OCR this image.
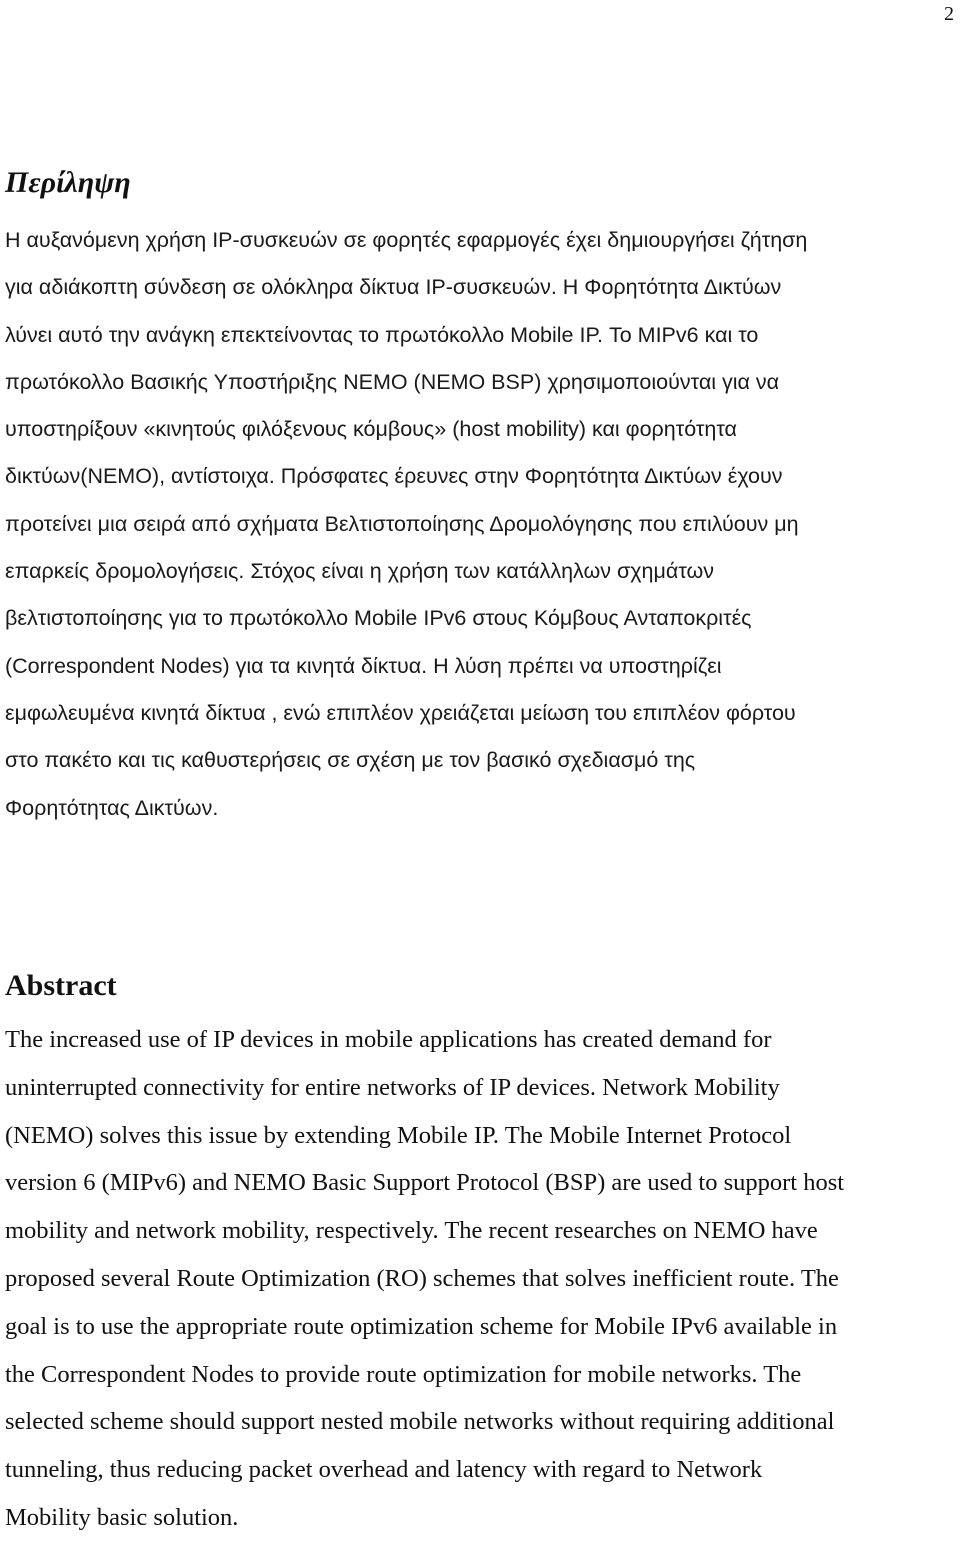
2
Περίληψη

Η αυξανόμενη χρήση IP-συσκευών σε φορητές εφαρμογές έχει δημιουργήσει ζήτηση
για αδιάκοπτη σύνδεση σε ολόκληρα δίκτυα IP-συσκευών. Η Φορητότητα Δικτύων
λύνει αυτό την ανάγκη επεκτείνοντας το πρωτόκολλο Mobile IP. Το MIPv6 και το
πρωτόκολλο Βασικής Υποστήριξης NEMO (NEMO BSP) χρησιμοποιούνται για να
υποστηρίξουν «κινητούς φιλόξενους κόμβους» (host mobility) και φορητότητα
δικτύων(NEMO), αντίστοιχα. Πρόσφατες έρευνες στην Φορητότητα Δικτύων έχουν
προτείνει μια σειρά από σχήματα Βελτιστοποίησης Δρομολόγησης που επιλύουν μη
επαρκείς δρομολογήσεις. Στόχος είναι η χρήση των κατάλληλων σχημάτων
βελτιστοποίησης για το πρωτόκολλο Mobile IPv6 στους Κόμβους Ανταποκριτές
(Correspondent Nodes) για τα κινητά δίκτυα. Η λύση πρέπει να υποστηρίζει
εμφωλευμένα κινητά δίκτυα , ενώ επιπλέον χρειάζεται μείωση του επιπλέον φόρτου
στο πακέτο και τις καθυστερήσεις σε σχέση με τον βασικό σχεδιασμό της
Φορητότητας Δικτύων.

Abstract

The increased use of IP devices in mobile applications has created demand for
uninterrupted connectivity for entire networks of IP devices. Network Mobility
(NEMO) solves this issue by extending Mobile IP. The Mobile Internet Protocol
version 6 (MIPv6) and NEMO Basic Support Protocol (BSP) are used to support host
mobility and network mobility, respectively. The recent researches on NEMO have
proposed several Route Optimization (RO) schemes that solves inefficient route. The
goal is to use the appropriate route optimization scheme for Mobile IPv6 available in
the Correspondent Nodes to provide route optimization for mobile networks. The
selected scheme should support nested mobile networks without requiring additional
tunneling, thus reducing packet overhead and latency with regard to Network
Mobility basic solution.
